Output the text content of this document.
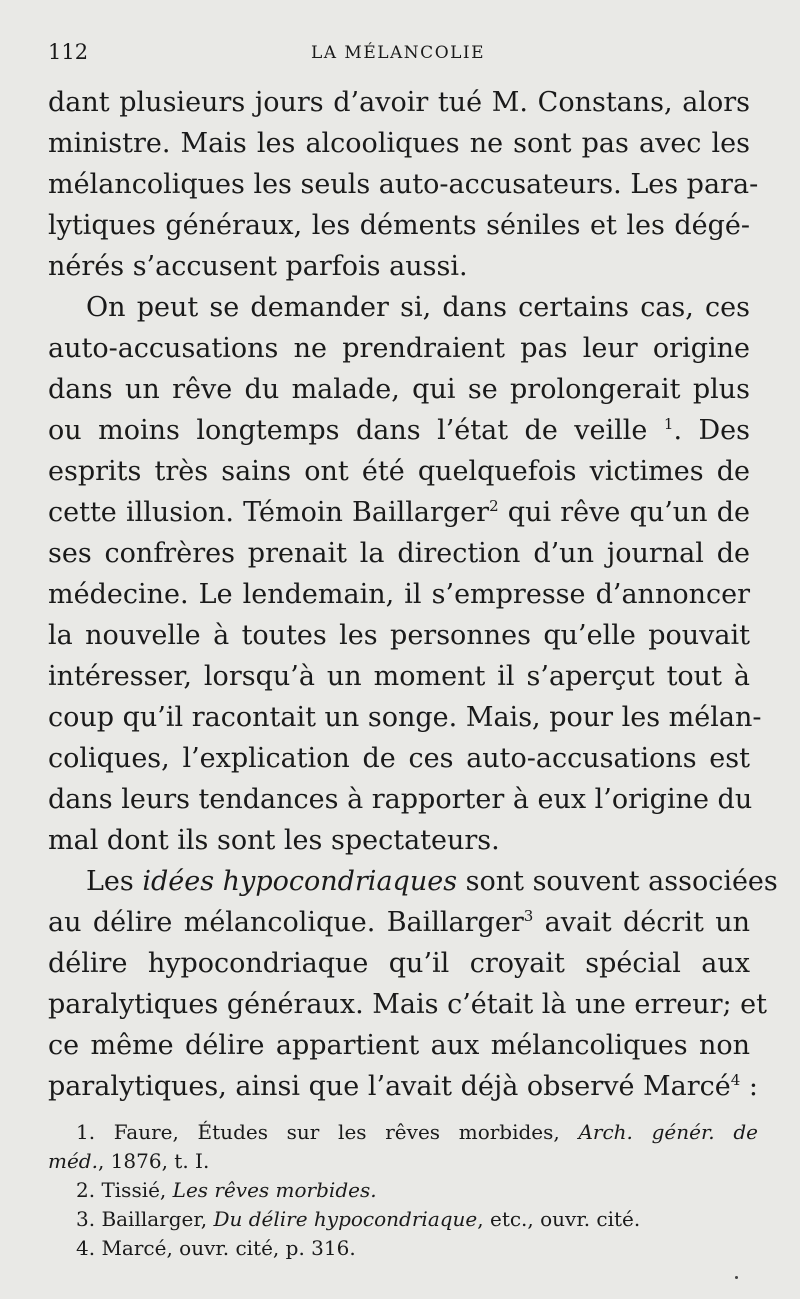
112	LA MÉLANCOLIE
dant plusieurs jours d’avoir tué M. Constans, alors
ministre. Mais les alcooliques ne sont pas avec les
mélancoliques les seuls auto-accusateurs. Les para-
lytiques généraux, les déments séniles et les dégé-
nérés s’accusent parfois aussi.
On peut se demander si, dans certains cas, ces
auto-accusations ne prendraient pas leur origine
dans un rêve du malade, qui se prolongerait plus
ou moins longtemps dans l’état de veille $^1$. Des
esprits très sains ont été quelquefois victimes de
cette illusion. Témoin Baillarger$^2$ qui rêve qu’un de
ses confrères prenait la direction d’un journal de
médecine. Le lendemain, il s’empresse d’annoncer
la nouvelle à toutes les personnes qu’elle pouvait
intéresser, lorsqu’à un moment il s’aperçut tout à
coup qu’il racontait un songe. Mais, pour les mélan-
coliques, l’explication de ces auto-accusations est
dans leurs tendances à rapporter à eux l’origine du
mal dont ils sont les spectateurs.
Les idées hypocondriaques sont souvent associées
au délire mélancolique. Baillarger$^3$ avait décrit un
délire hypocondriaque qu’il croyait spécial aux
paralytiques généraux. Mais c’était là une erreur; et
ce même délire appartient aux mélancoliques non
paralytiques, ainsi que l’avait déjà observé Marcé$^4$ :
1. Faure, Études sur les rêves morbides, Arch. génér. de
méd., 1876, t. I.
2. Tissié, Les rêves morbides.
3. Baillarger, Du délire hypocondriaque, etc., ouvr. cité.
4. Marcé, ouvr. cité, p. 316.
